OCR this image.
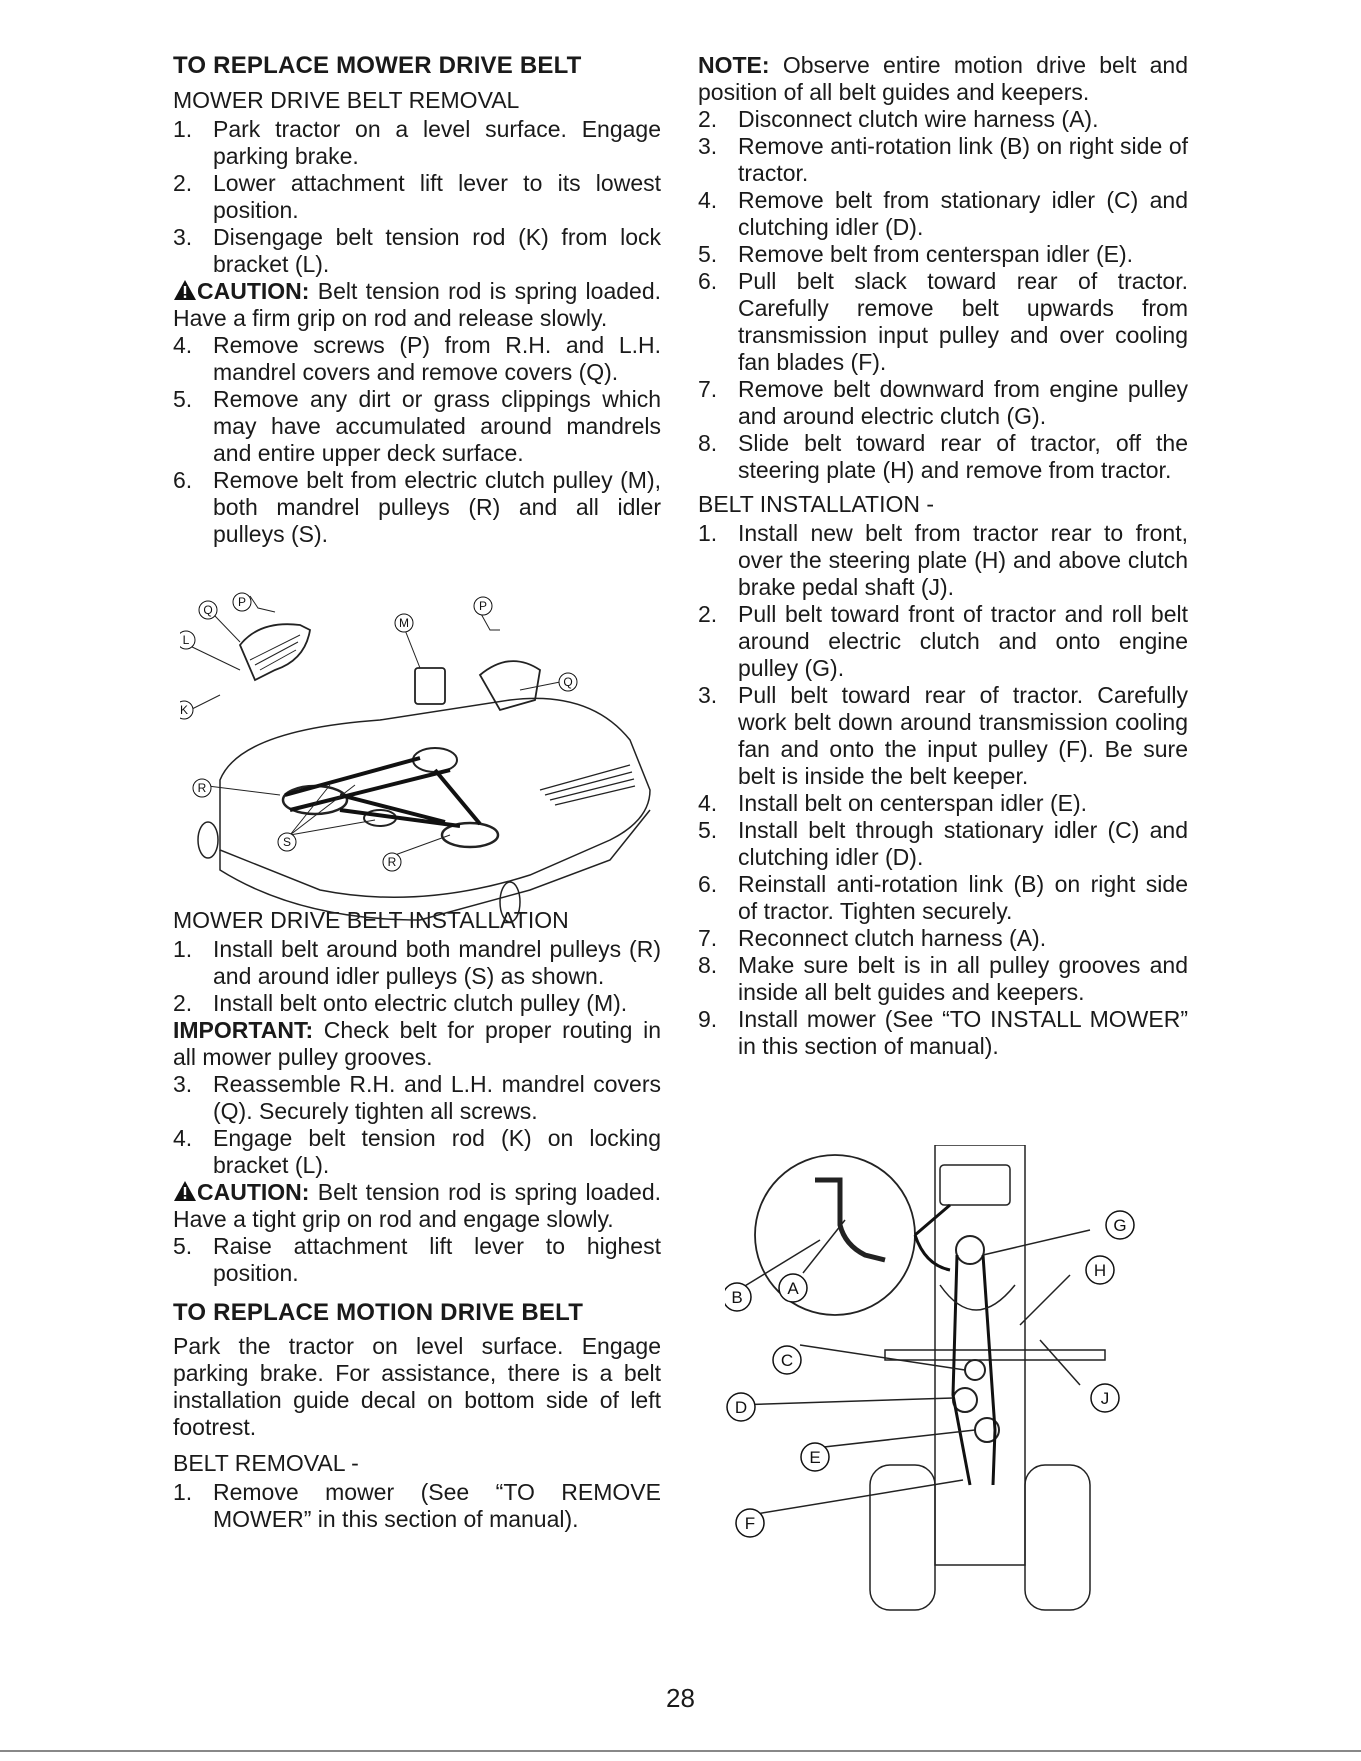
TO REPLACE MOWER DRIVE BELT
MOWER DRIVE BELT REMOVAL
1. Park tractor on a level surface. Engage parking brake.
2. Lower attachment lift lever to its lowest position.
3. Disengage belt tension rod (K) from lock bracket (L).

CAUTION: Belt tension rod is spring loaded. Have a firm grip on rod and release slowly.

4. Remove screws (P) from R.H. and L.H. mandrel covers and remove covers (Q).
5. Remove any dirt or grass clippings which may have accumulated around mandrels and entire upper deck surface.
6. Remove belt from electric clutch pulley (M), both mandrel pulleys (R) and all idler pulleys (S).
MOWER DRIVE BELT INSTALLATION
1. Install belt around both mandrel pulleys (R) and around idler pulleys (S) as shown.
2. Install belt onto electric clutch pulley (M).

IMPORTANT: Check belt for proper routing in all mower pulley grooves.

3. Reassemble R.H. and L.H. mandrel covers (Q). Securely tighten all screws.
4. Engage belt tension rod (K) on locking bracket (L).

CAUTION: Belt tension rod is spring loaded. Have a tight grip on rod and engage slowly.

5. Raise attachment lift lever to highest position.
TO REPLACE MOTION DRIVE BELT

Park the tractor on level surface. Engage parking brake. For assistance, there is a belt installation guide decal on bottom side of left footrest.

BELT REMOVAL -
1. Remove mower (See “TO REMOVE MOWER” in this section of manual).

NOTE: Observe entire motion drive belt and position of all belt guides and keepers.

2. Disconnect clutch wire harness (A).
3. Remove anti-rotation link (B) on right side of tractor.
4. Remove belt from stationary idler (C) and clutching idler (D).
5. Remove belt from centerspan idler (E).
6. Pull belt slack toward rear of tractor. Carefully remove belt upwards from transmission input pulley and over cooling fan blades (F).
7. Remove belt downward from engine pulley and around electric clutch (G).
8. Slide belt toward rear of tractor, off the steering plate (H) and remove from tractor.
BELT INSTALLATION -
1. Install new belt from tractor rear to front, over the steering plate (H) and above clutch brake pedal shaft (J).
2. Pull belt toward front of tractor and roll belt around electric clutch and onto engine pulley (G).
3. Pull belt toward rear of tractor. Carefully work belt down around transmission cooling fan and onto the input pulley (F). Be sure belt is inside the belt keeper.
4. Install belt on centerspan idler (E).
5. Install belt through stationary idler (C) and clutching idler (D).
6. Reinstall anti-rotation link (B) on right side of tractor. Tighten securely.
7. Reconnect clutch harness (A).
8. Make sure belt is in all pulley grooves and inside all belt guides and keepers.
9. Install mower (See “TO INSTALL MOWER” in this section of manual).
P
Q	P
M
L
Q
K
R
S
R
A
B
C
D
E
F
G
H
J
28
